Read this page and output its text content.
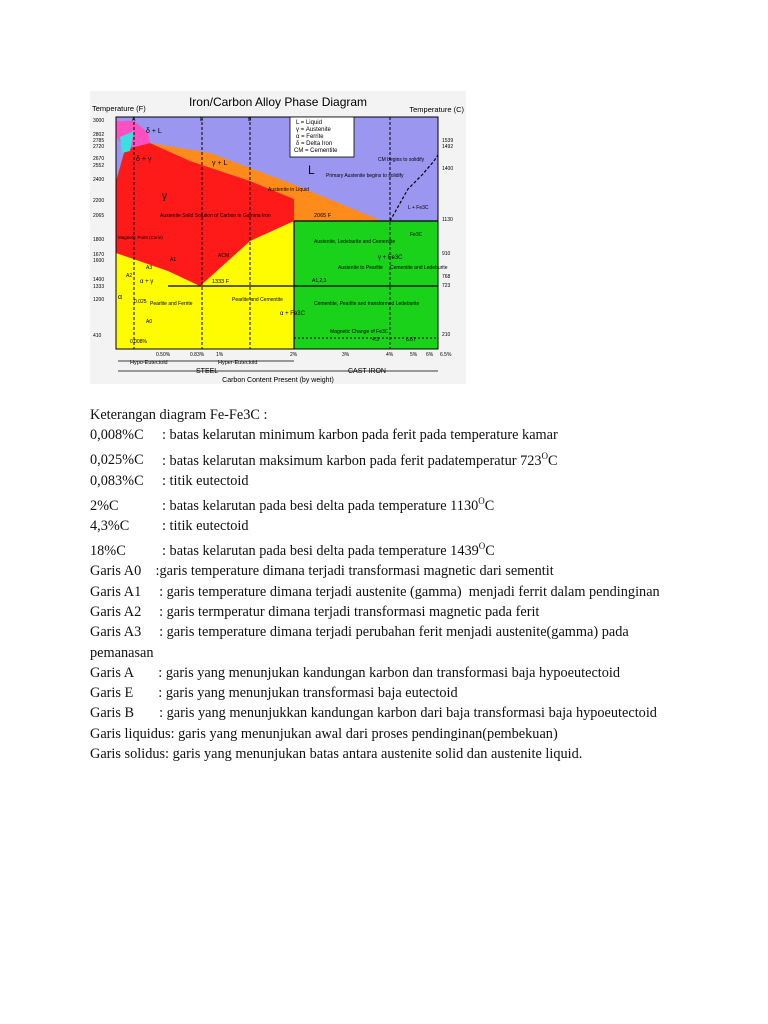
Iron/Carbon Alloy Phase Diagram
Temperature (F)	Temperature (C)
L = Liquid
γ = Austenite
α = Ferrite
δ = Delta Iron
CM = Cementite
3000
2802
2785
2720
2670
2552
2400
2200
2065
1800
1670
1600
1400
1333
1200
410
1539
1492
1400
1130
910
768
723
210
A	E	B
δ + L
δ + γ
γ + L	L
γ
Austenite Solid Solution of Carbon in Gamma Iron
Austenite in Liquid
Primary Austenite begins to solidify
CM begins to solidify
L + Fe3C
2065 F
Austenite, Ledeburite and Cementite
Fe3C
γ + Fe3C
Austenite to Pearlite Cementite and Ledeburite
Magnetic Point (Curie)
1333 F	A1,2,3
Pearlite and Cementite
Pearlite and Ferrite
α + Fe3C
Cementite, Pearlite and transformed Ledeburite
Magnetic Change of Fe3C
A0
A1
A2
A3
ACM
α + γ
0.025
0.008%	6.67
4.3
α
0.50%	0.83% 1%	2%	3%	4%	5% 6% 6.5%
Hypo-Eutectoid	Hyper-Eutectoid
STEEL	CAST IRON
Carbon Content Present (by weight)
Keterangan diagram Fe-Fe3C :
0,008%C : batas kelarutan minimum karbon pada ferit pada temperature kamar
0,025%C : batas kelarutan maksimum karbon pada ferit padatemperatur $723^OC$
0,083%C : titik eutectoid
2%C	: batas kelarutan pada besi delta pada temperature $1130^OC$
4,3%C : titik eutectoid
18%C	: batas kelarutan pada besi delta pada temperature $1439^OC$
Garis A0    :garis temperature dimana terjadi transformasi magnetic dari sementit
Garis A1     : garis temperature dimana terjadi austenite (gamma)  menjadi ferrit dalam pendinginan
Garis A2     : garis termperatur dimana terjadi transformasi magnetic pada ferit
Garis A3     : garis temperature dimana terjadi perubahan ferit menjadi austenite(gamma) pada pemanasan
Garis A       : garis yang menunjukan kandungan karbon dan transformasi baja hypoeutectoid
Garis E       : garis yang menunjukan transformasi baja eutectoid
Garis B       : garis yang menunjukkan kandungan karbon dari baja transformasi baja hypoeutectoid
Garis liquidus: garis yang menunjukan awal dari proses pendinginan(pembekuan)
Garis solidus: garis yang menunjukan batas antara austenite solid dan austenite liquid.
